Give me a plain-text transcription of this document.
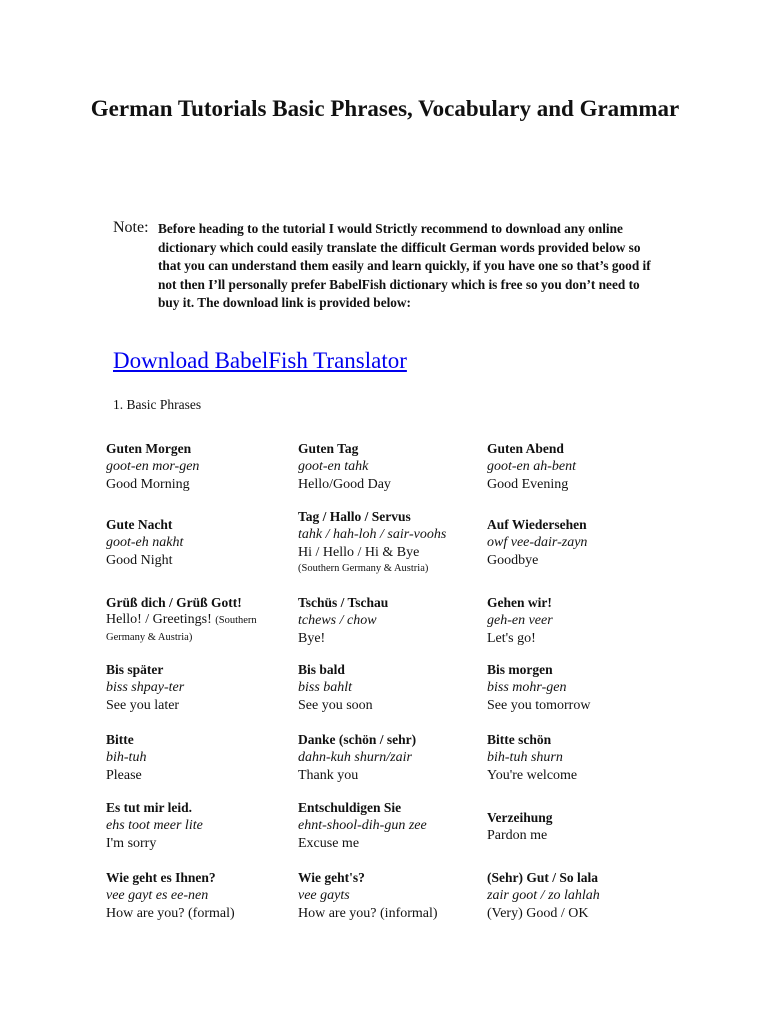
German Tutorials Basic Phrases, Vocabulary and Grammar
Note: Before heading to the tutorial I would Strictly recommend to download any online dictionary which could easily translate the difficult German words provided below so that you can understand them easily and learn quickly, if you have one so that’s good if not then I’ll personally prefer BabelFish dictionary which is free so you don’t need to buy it. The download link is provided below:
Download BabelFish Translator
1. Basic Phrases
Guten Morgen
goot-en mor-gen
Good Morning
Guten Tag
goot-en tahk
Hello/Good Day
Guten Abend
goot-en ah-bent
Good Evening
Gute Nacht
goot-eh nakht
Good Night
Tag / Hallo / Servus
tahk / hah-loh / sair-voohs
Hi / Hello / Hi & Bye
(Southern Germany & Austria)
Auf Wiedersehen
owf vee-dair-zayn
Goodbye
Grüß dich / Grüß Gott!
Hello! / Greetings! (Southern Germany & Austria)
Tschüs / Tschau
tchews / chow
Bye!
Gehen wir!
geh-en veer
Let's go!
Bis später
biss shpay-ter
See you later
Bis bald
biss bahlt
See you soon
Bis morgen
biss mohr-gen
See you tomorrow
Bitte
bih-tuh
Please
Danke (schön / sehr)
dahn-kuh shurn/zair
Thank you
Bitte schön
bih-tuh shurn
You're welcome
Es tut mir leid.
ehs toot meer lite
I'm sorry
Entschuldigen Sie
ehnt-shool-dih-gun zee
Excuse me
Verzeihung
Pardon me
Wie geht es Ihnen?
vee gayt es ee-nen
How are you? (formal)
Wie geht's?
vee gayts
How are you? (informal)
(Sehr) Gut / So lala
zair goot / zo lahlah
(Very) Good / OK
